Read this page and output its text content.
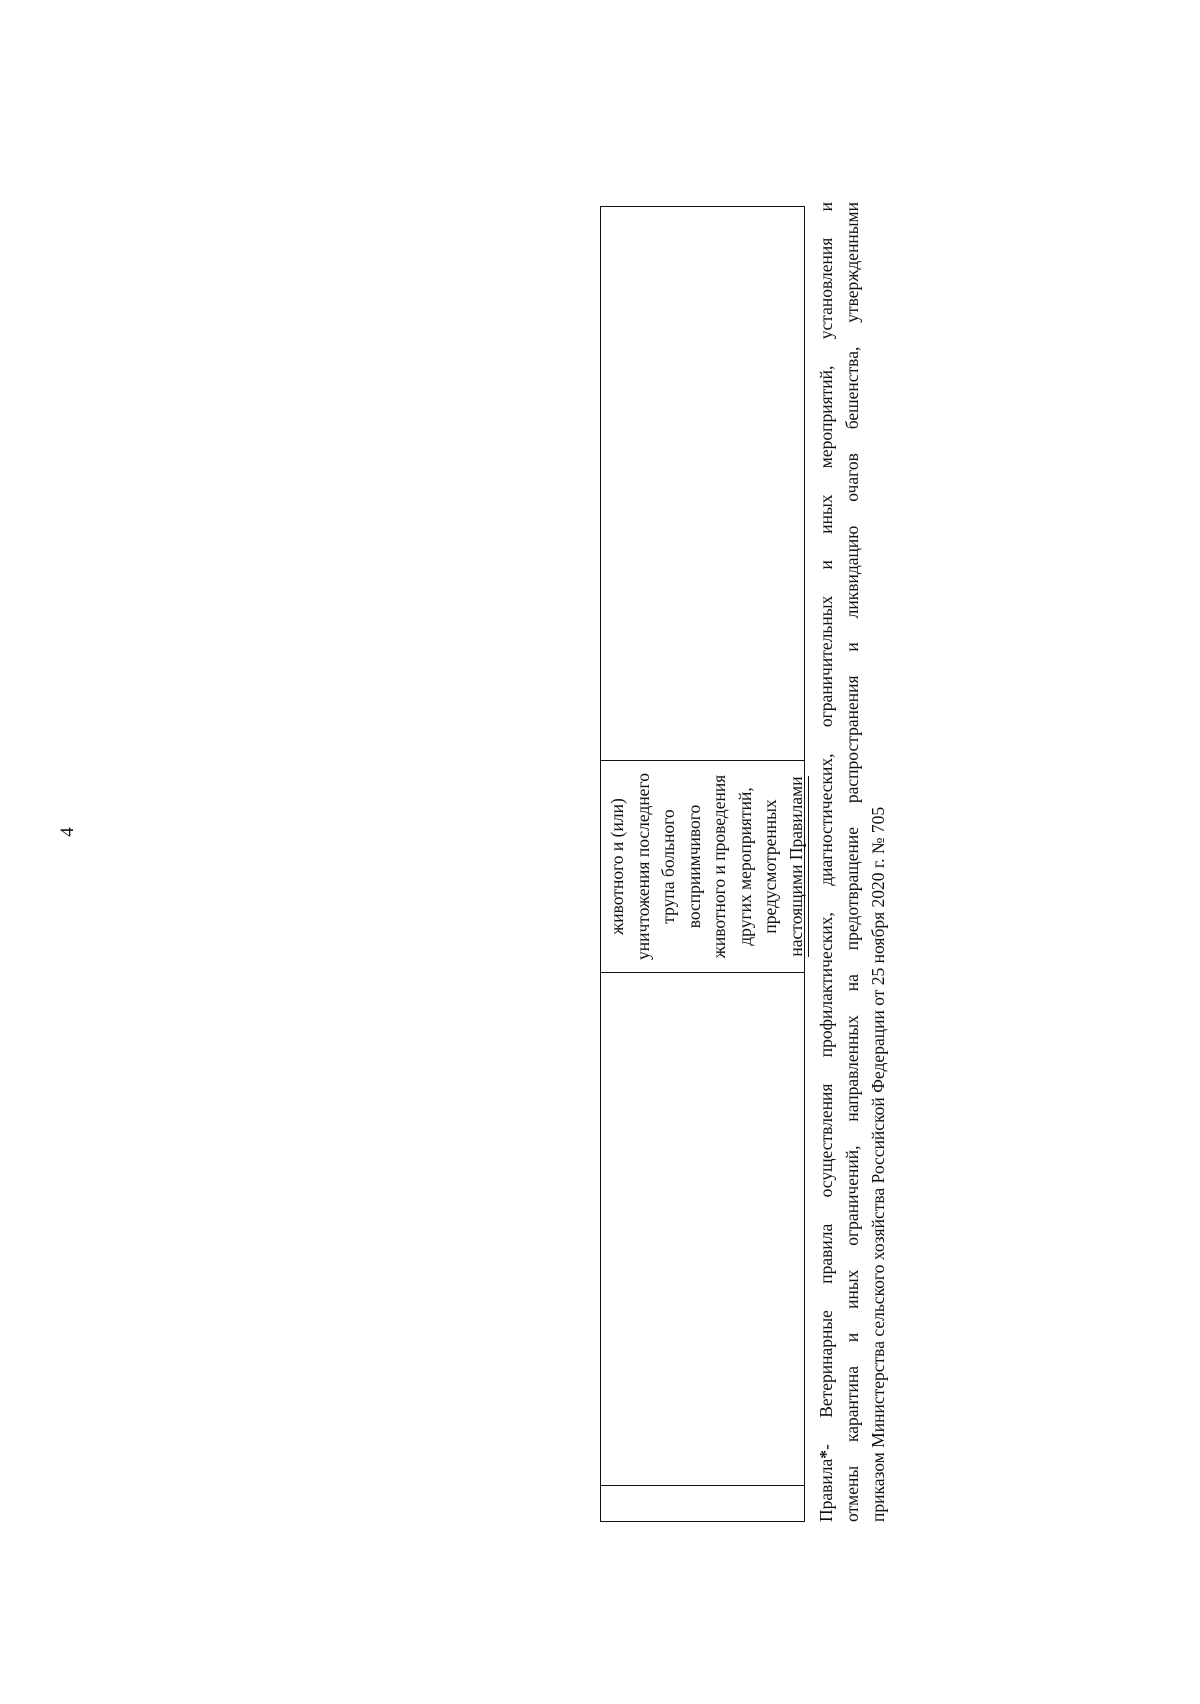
4	животного и (или) уничтожения последнего трупа больного восприимчивого животного и проведения других мероприятий, предусмотренных настоящими Правилами
Правила*- Ветеринарные правила осуществления профилактических, диагностических, ограничительных и иных мероприятий, установления и отмены карантина и иных ограничений, направленных на предотвращение распространения и ликвидацию очагов бешенства, утвержденными приказом Министерства сельского хозяйства Российской Федерации от 25 ноября 2020 г. № 705
